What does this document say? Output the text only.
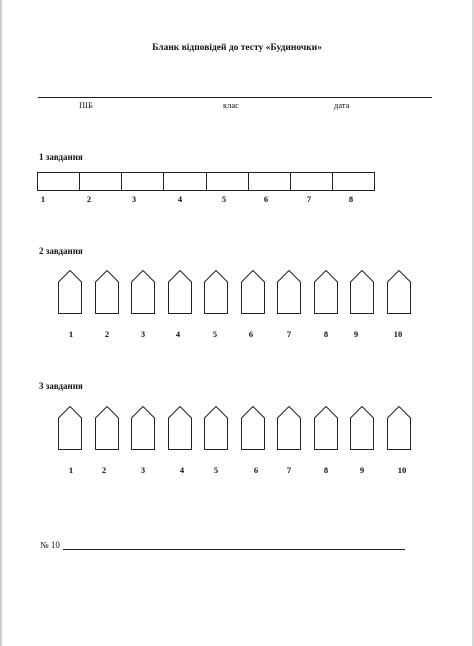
Бланк відповідей до тесту «Будиночки»
ПІБ	клас	дата
1 завдання
1	2	3	4	5	6	7	8
2 завдання
1	2	3	4	5	6	7	8	9	10
3 завдання
1	2	3	4	5	6	7	8	9	10
№ 10
